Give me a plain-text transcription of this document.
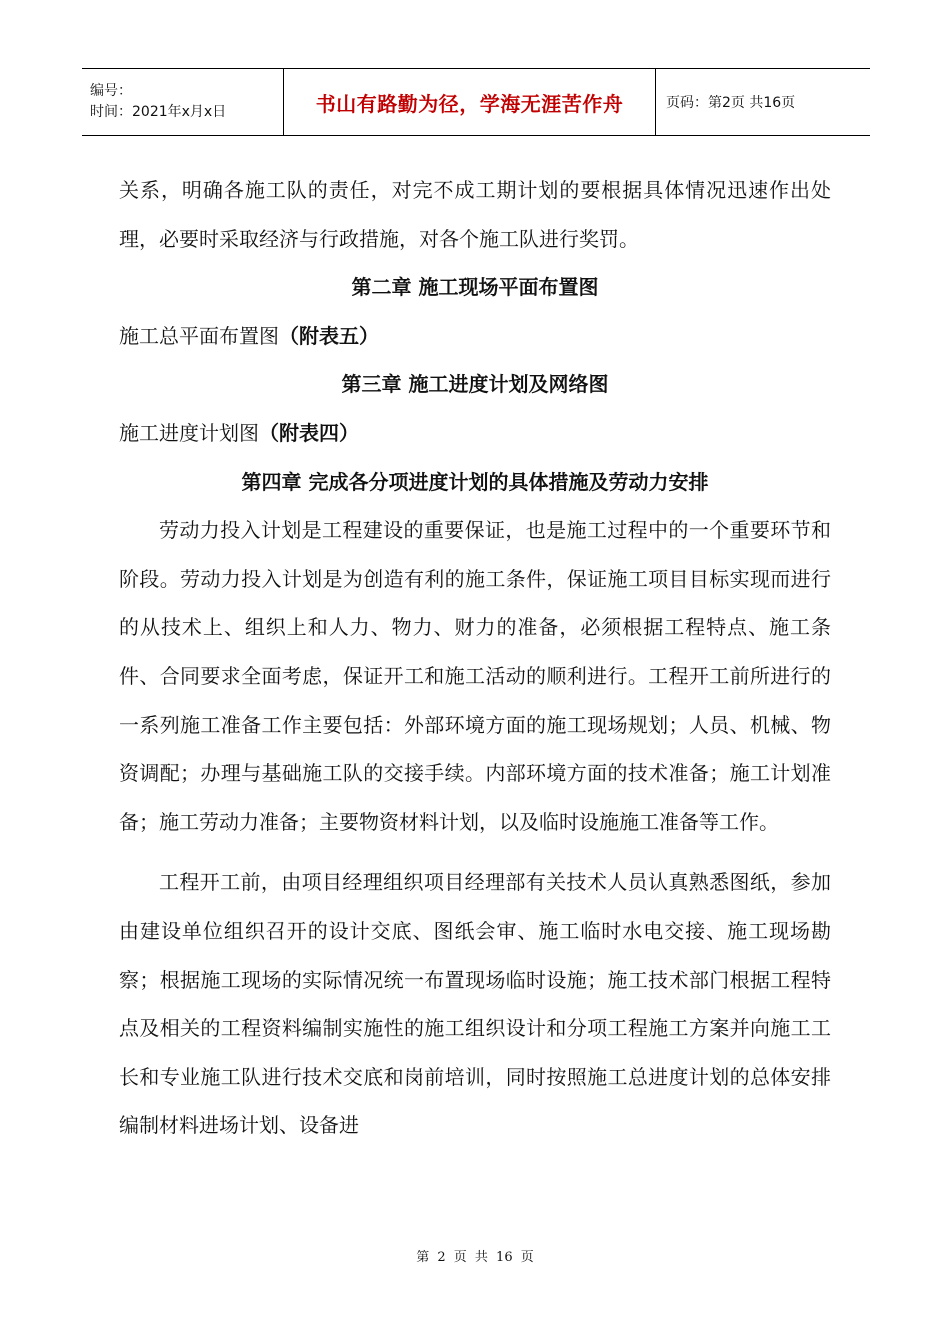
编号：
时间：2021年x月x日	书山有路勤为径，学海无涯苦作舟	页码：第2页 共16页

关系，明确各施工队的责任，对完不成工期计划的要根据具体情况迅速作出处理，必要时采取经济与行政措施，对各个施工队进行奖罚。

第二章 施工现场平面布置图

施工总平面布置图（附表五）

第三章 施工进度计划及网络图

施工进度计划图（附表四）

第四章 完成各分项进度计划的具体措施及劳动力安排

劳动力投入计划是工程建设的重要保证，也是施工过程中的一个重要环节和阶段。劳动力投入计划是为创造有利的施工条件，保证施工项目目标实现而进行的从技术上、组织上和人力、物力、财力的准备，必须根据工程特点、施工条件、合同要求全面考虑，保证开工和施工活动的顺利进行。工程开工前所进行的一系列施工准备工作主要包括：外部环境方面的施工现场规划；人员、机械、物资调配；办理与基础施工队的交接手续。内部环境方面的技术准备；施工计划准备；施工劳动力准备；主要物资材料计划，以及临时设施施工准备等工作。

工程开工前，由项目经理组织项目经理部有关技术人员认真熟悉图纸，参加由建设单位组织召开的设计交底、图纸会审、施工临时水电交接、施工现场勘察；根据施工现场的实际情况统一布置现场临时设施；施工技术部门根据工程特点及相关的工程资料编制实施性的施工组织设计和分项工程施工方案并向施工工长和专业施工队进行技术交底和岗前培训，同时按照施工总进度计划的总体安排编制材料进场计划、设备进

第 2 页 共 16 页
